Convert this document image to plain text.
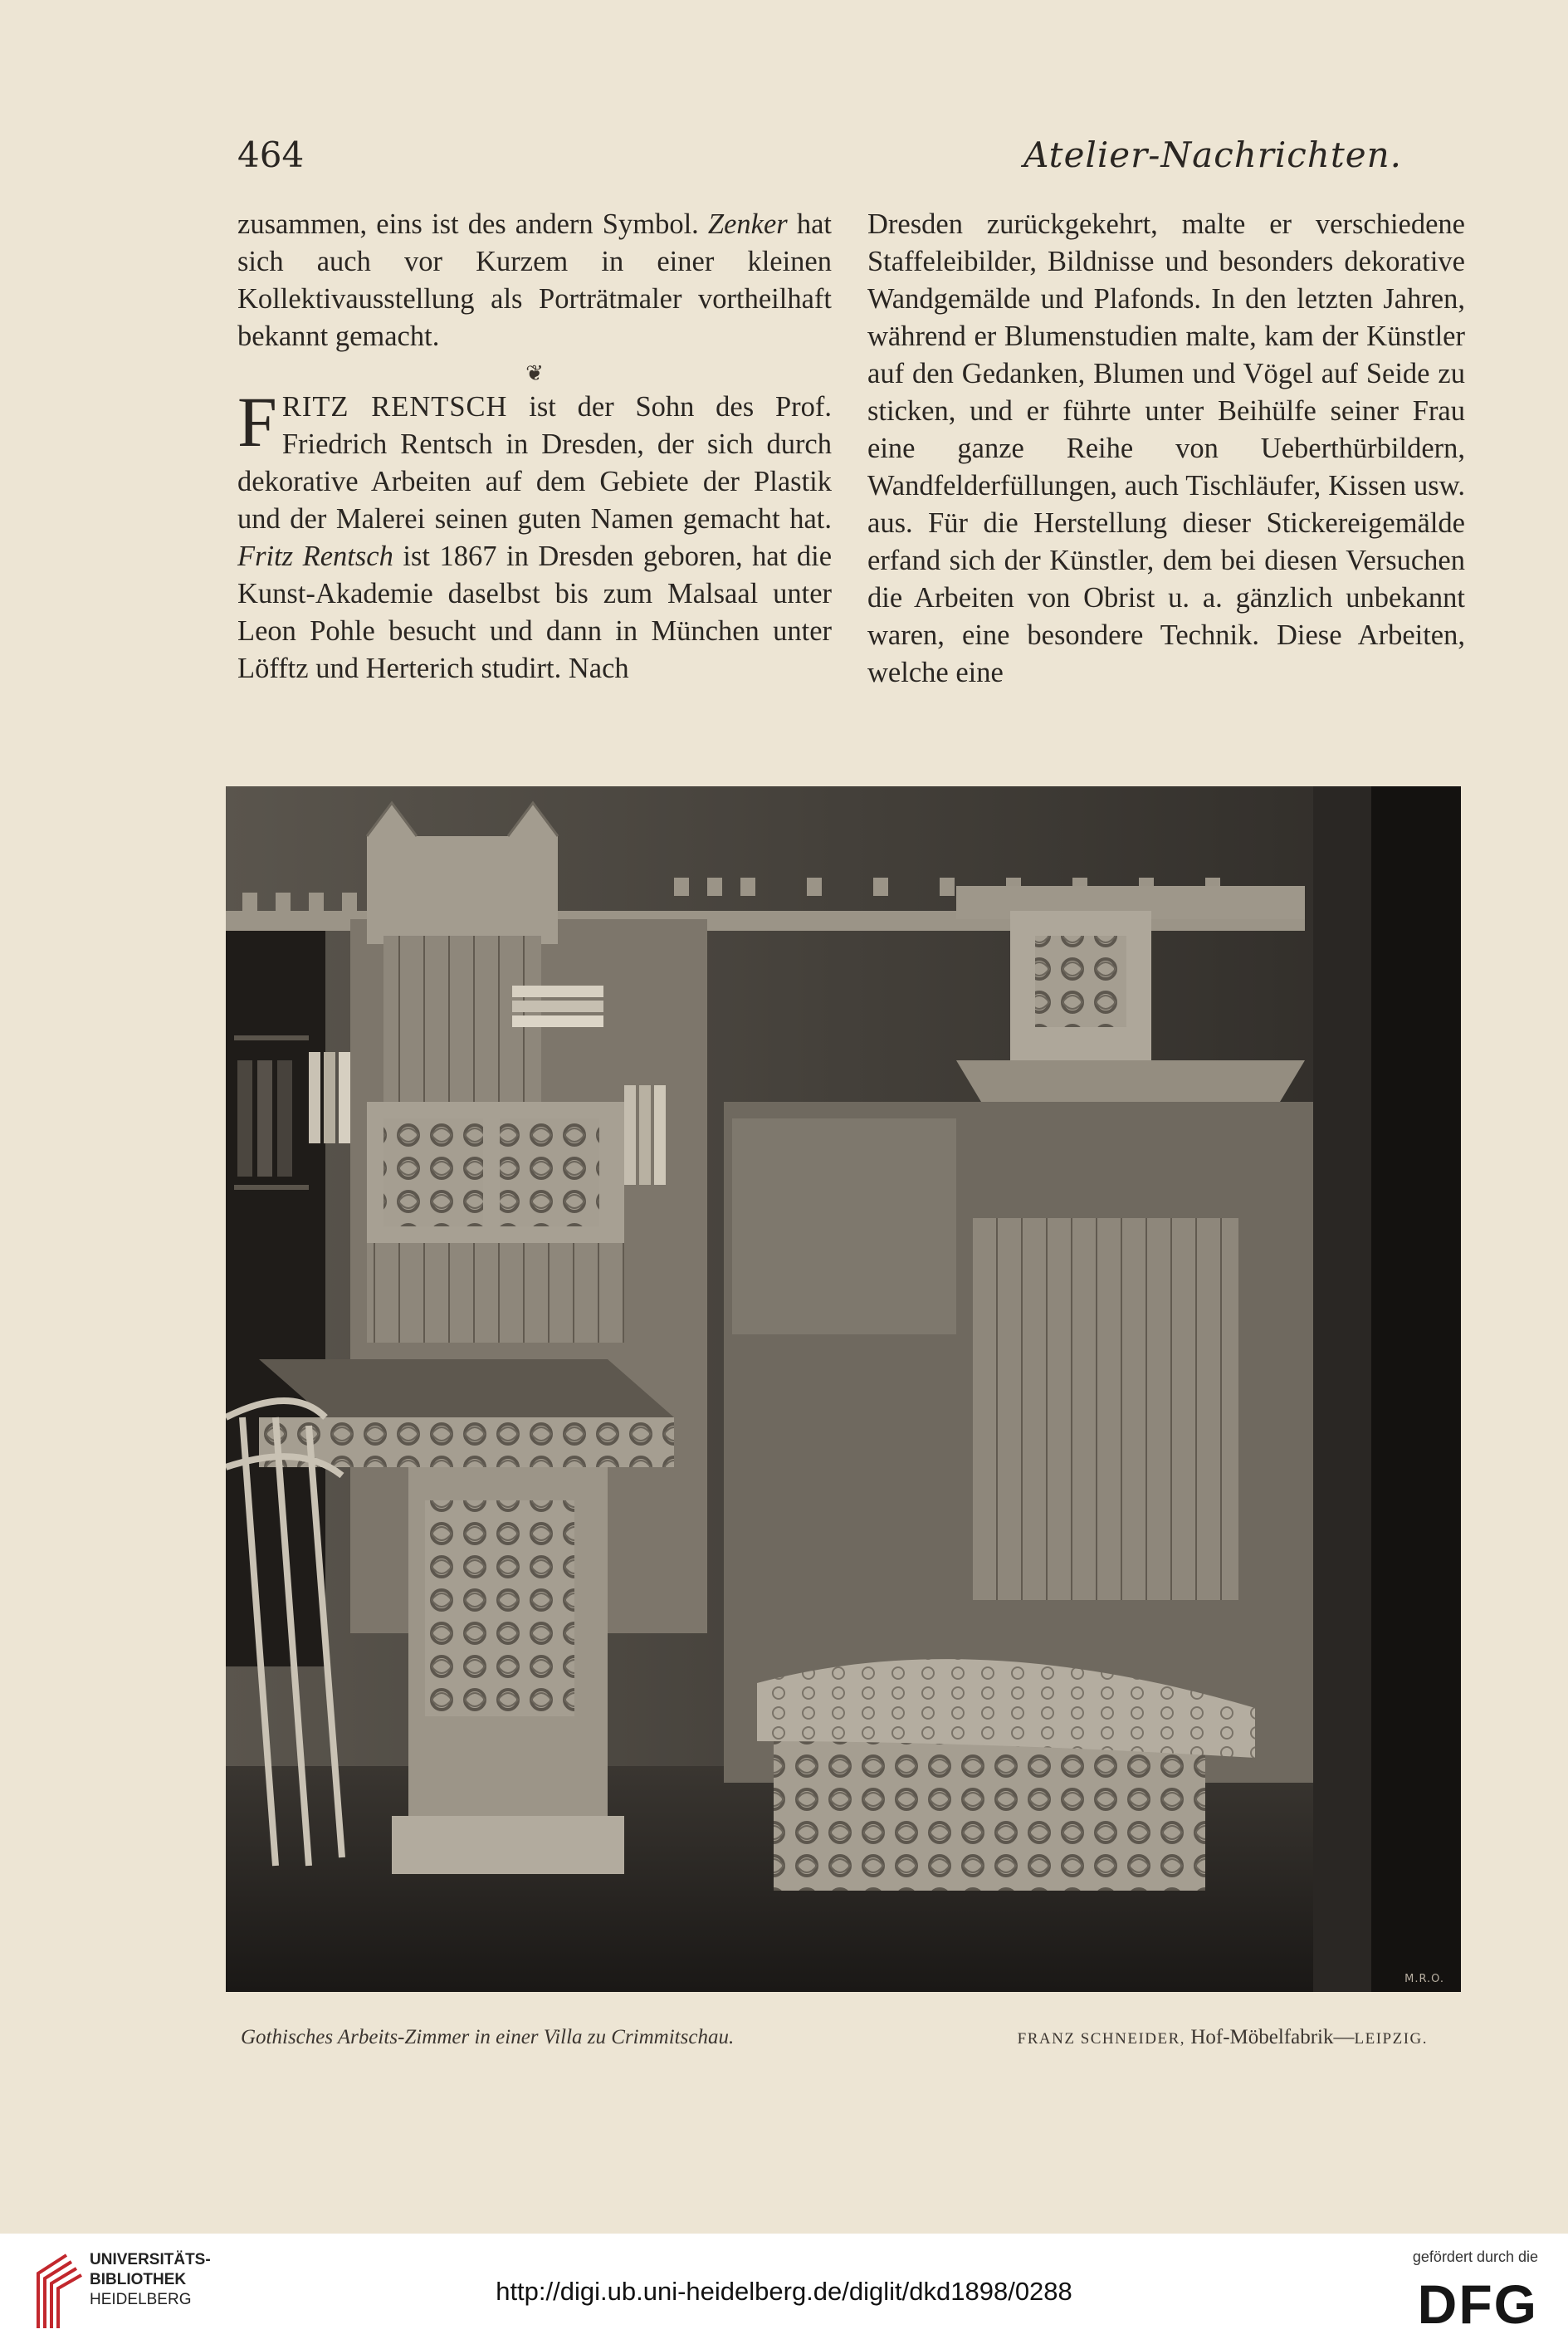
464	Atelier-Nachrichten.

zusammen, eins ist des andern Symbol. Zenker hat sich auch vor Kurzem in einer kleinen Kollektivausstellung als Porträtmaler vortheilhaft bekannt gemacht.

❦

F RITZ RENTSCH ist der Sohn des Prof. Friedrich Rentsch in Dresden, der sich durch dekorative Arbeiten auf dem Gebiete der Plastik und der Malerei seinen guten Namen gemacht hat. Fritz Rentsch ist 1867 in Dresden geboren, hat die Kunst-Akademie daselbst bis zum Malsaal unter Leon Pohle besucht und dann in München unter Löfftz und Herterich studirt. Nach

Dresden zurückgekehrt, malte er verschiedene Staffeleibilder, Bildnisse und besonders dekorative Wandgemälde und Plafonds. In den letzten Jahren, während er Blumenstudien malte, kam der Künstler auf den Gedanken, Blumen und Vögel auf Seide zu sticken, und er führte unter Beihülfe seiner Frau eine ganze Reihe von Ueberthürbildern, Wandfelderfüllungen, auch Tischläufer, Kissen usw. aus. Für die Herstellung dieser Stickereigemälde erfand sich der Künstler, dem bei diesen Versuchen die Arbeiten von Obrist u. a. gänzlich unbekannt waren, eine besondere Technik. Diese Arbeiten, welche eine

M.R.O.
Gothisches Arbeits-Zimmer in einer Villa zu Crimmitschau.	FRANZ SCHNEIDER, Hof-Möbelfabrik—LEIPZIG.
UNIVERSITÄTS-
BIBLIOTHEK
HEIDELBERG	http://digi.ub.uni-heidelberg.de/diglit/dkd1898/0288
gefördert durch die
DFG
